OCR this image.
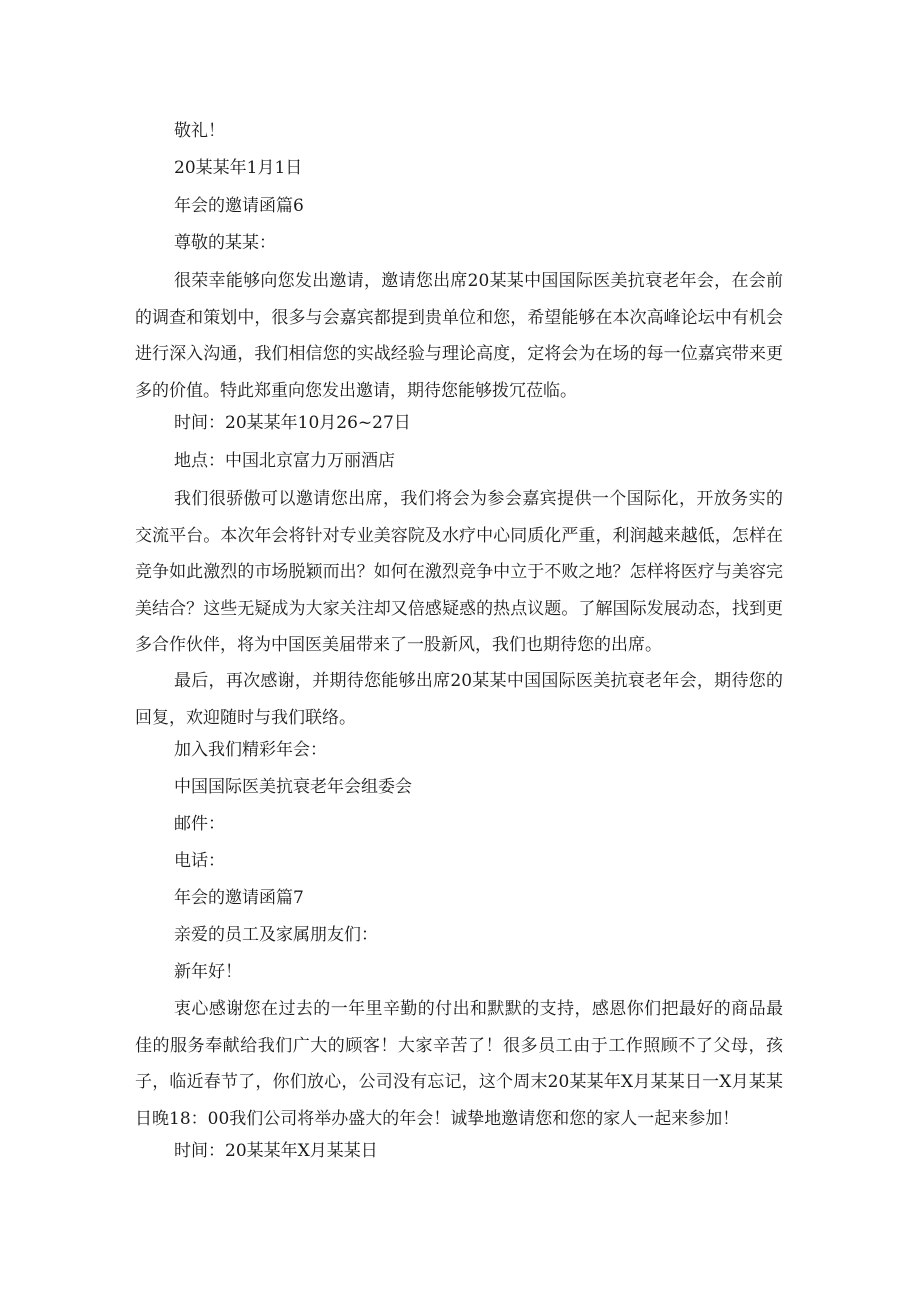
敬礼！

20某某年1月1日

年会的邀请函篇6

尊敬的某某：

很荣幸能够向您发出邀请，邀请您出席20某某中国国际医美抗衰老年会，在会前的调查和策划中，很多与会嘉宾都提到贵单位和您，希望能够在本次高峰论坛中有机会进行深入沟通，我们相信您的实战经验与理论高度，定将会为在场的每一位嘉宾带来更多的价值。特此郑重向您发出邀请，期待您能够拨冗莅临。

时间：20某某年10月26~27日

地点：中国北京富力万丽酒店

我们很骄傲可以邀请您出席，我们将会为参会嘉宾提供一个国际化，开放务实的交流平台。本次年会将针对专业美容院及水疗中心同质化严重，利润越来越低，怎样在竞争如此激烈的市场脱颖而出？如何在激烈竞争中立于不败之地？怎样将医疗与美容完美结合？这些无疑成为大家关注却又倍感疑惑的热点议题。了解国际发展动态，找到更多合作伙伴，将为中国医美届带来了一股新风，我们也期待您的出席。

最后，再次感谢，并期待您能够出席20某某中国国际医美抗衰老年会，期待您的回复，欢迎随时与我们联络。

加入我们精彩年会：

中国国际医美抗衰老年会组委会

邮件：

电话：

年会的邀请函篇7

亲爱的员工及家属朋友们：

新年好！

衷心感谢您在过去的一年里辛勤的付出和默默的支持，感恩你们把最好的商品最佳的服务奉献给我们广大的顾客！大家辛苦了！很多员工由于工作照顾不了父母，孩子，临近春节了，你们放心，公司没有忘记，这个周末20某某年X月某某日一X月某某日晚18：00我们公司将举办盛大的年会！诚挚地邀请您和您的家人一起来参加！

时间：20某某年X月某某日
